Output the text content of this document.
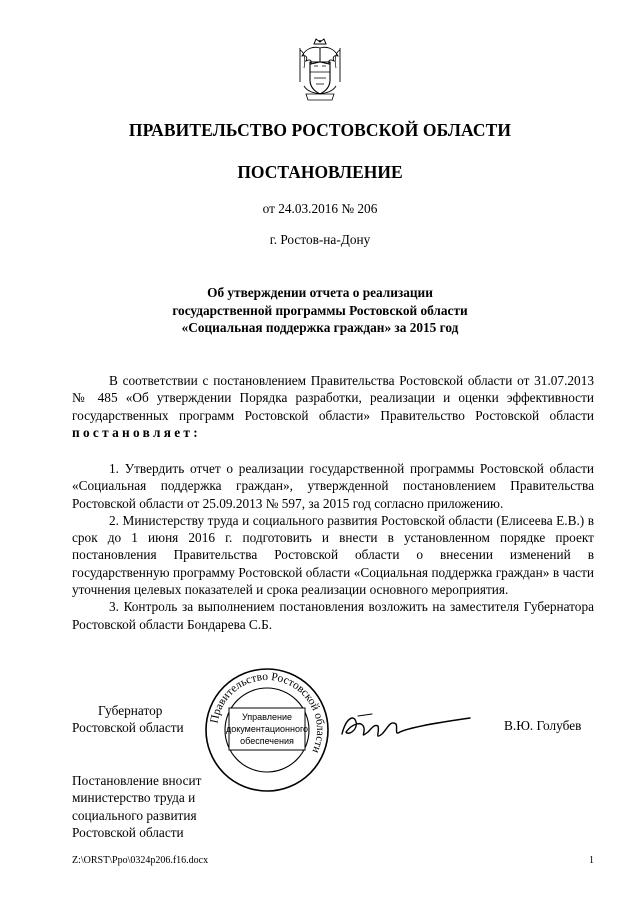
ПРАВИТЕЛЬСТВО РОСТОВСКОЙ ОБЛАСТИ
ПОСТАНОВЛЕНИЕ
от 24.03.2016 № 206
г. Ростов-на-Дону
Об утверждении отчета о реализации
государственной программы Ростовской области
«Социальная поддержка граждан» за 2015 год

В соответствии с постановлением Правительства Ростовской области от 31.07.2013 № 485 «Об утверждении Порядка разработки, реализации и оценки эффективности государственных программ Ростовской области» Правительство Ростовской области постановляет:

1. Утвердить отчет о реализации государственной программы Ростовской области «Социальная поддержка граждан», утвержденной постановлением Правительства Ростовской области от 25.09.2013 № 597, за 2015 год согласно приложению.

2. Министерству труда и социального развития Ростовской области (Елисеева Е.В.) в срок до 1 июня 2016 г. подготовить и внести в установленном порядке проект постановления Правительства Ростовской области о внесении изменений в государственную программу Ростовской области «Социальная поддержка граждан» в части уточнения целевых показателей и срока реализации основного мероприятия.

3. Контроль за выполнением постановления возложить на заместителя Губернатора Ростовской области Бондарева С.Б.

Губернатор
Ростовской области
Правительство Ростовской области
Управление
документационного
обеспечения
В.Ю. Голубев
Постановление вносит
министерство труда и
социального развития
Ростовской области
Z:\ORST\Ppo\0324p206.f16.docx	1
